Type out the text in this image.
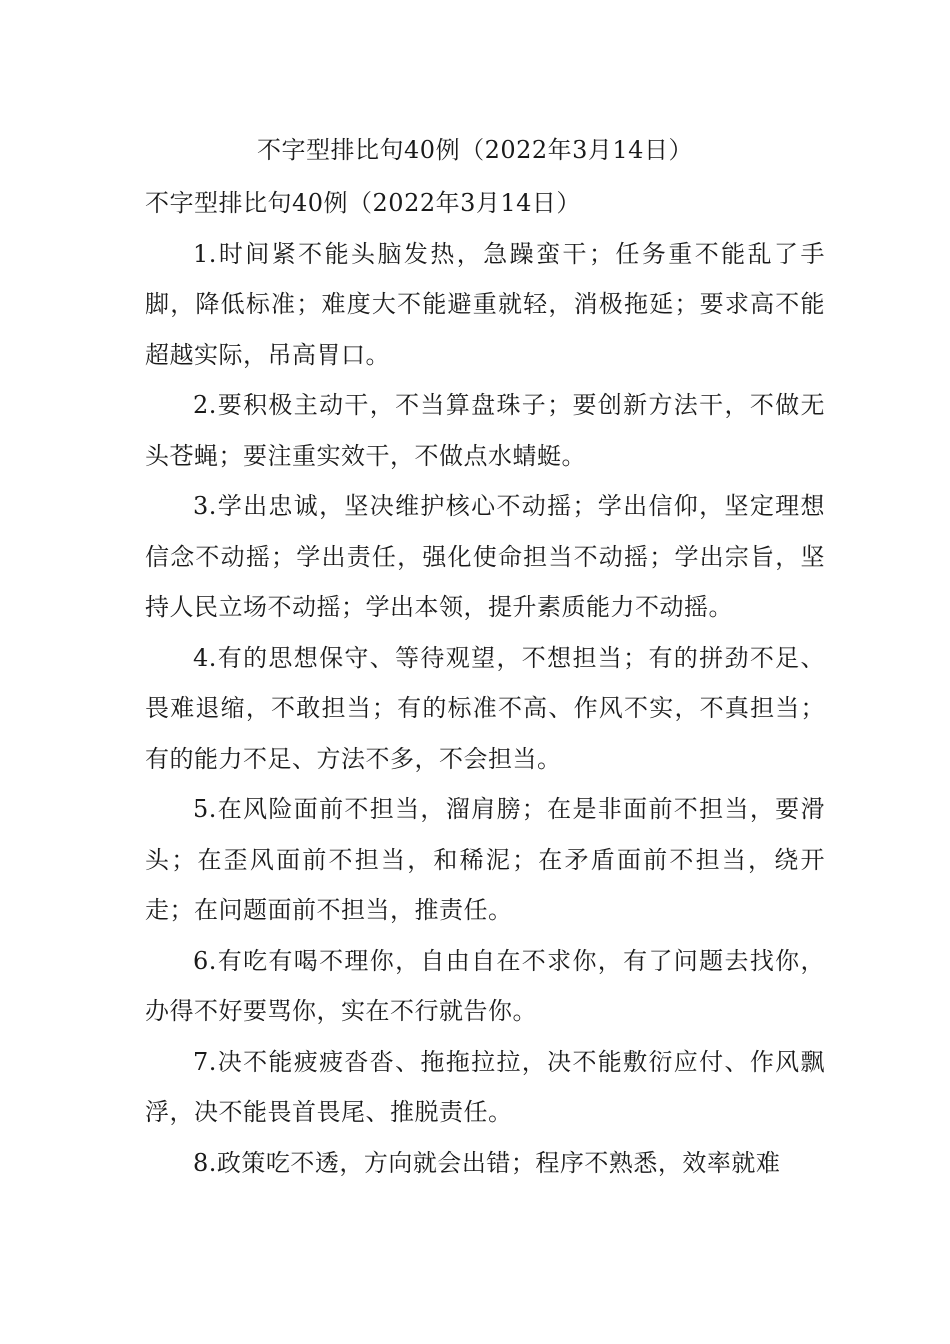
不字型排比句40例（2022年3月14日）

不字型排比句40例（2022年3月14日）

1.时间紧不能头脑发热，急躁蛮干；任务重不能乱了手脚，降低标准；难度大不能避重就轻，消极拖延；要求高不能超越实际，吊高胃口。

2.要积极主动干，不当算盘珠子；要创新方法干，不做无头苍蝇；要注重实效干，不做点水蜻蜓。

3.学出忠诚，坚决维护核心不动摇；学出信仰，坚定理想信念不动摇；学出责任，强化使命担当不动摇；学出宗旨，坚持人民立场不动摇；学出本领，提升素质能力不动摇。

4.有的思想保守、等待观望，不想担当；有的拼劲不足、畏难退缩，不敢担当；有的标准不高、作风不实，不真担当；有的能力不足、方法不多，不会担当。

5.在风险面前不担当，溜肩膀；在是非面前不担当，要滑头；在歪风面前不担当，和稀泥；在矛盾面前不担当，绕开走；在问题面前不担当，推责任。

6.有吃有喝不理你，自由自在不求你，有了问题去找你，办得不好要骂你，实在不行就告你。

7.决不能疲疲沓沓、拖拖拉拉，决不能敷衍应付、作风飘浮，决不能畏首畏尾、推脱责任。

8.政策吃不透，方向就会出错；程序不熟悉，效率就难
